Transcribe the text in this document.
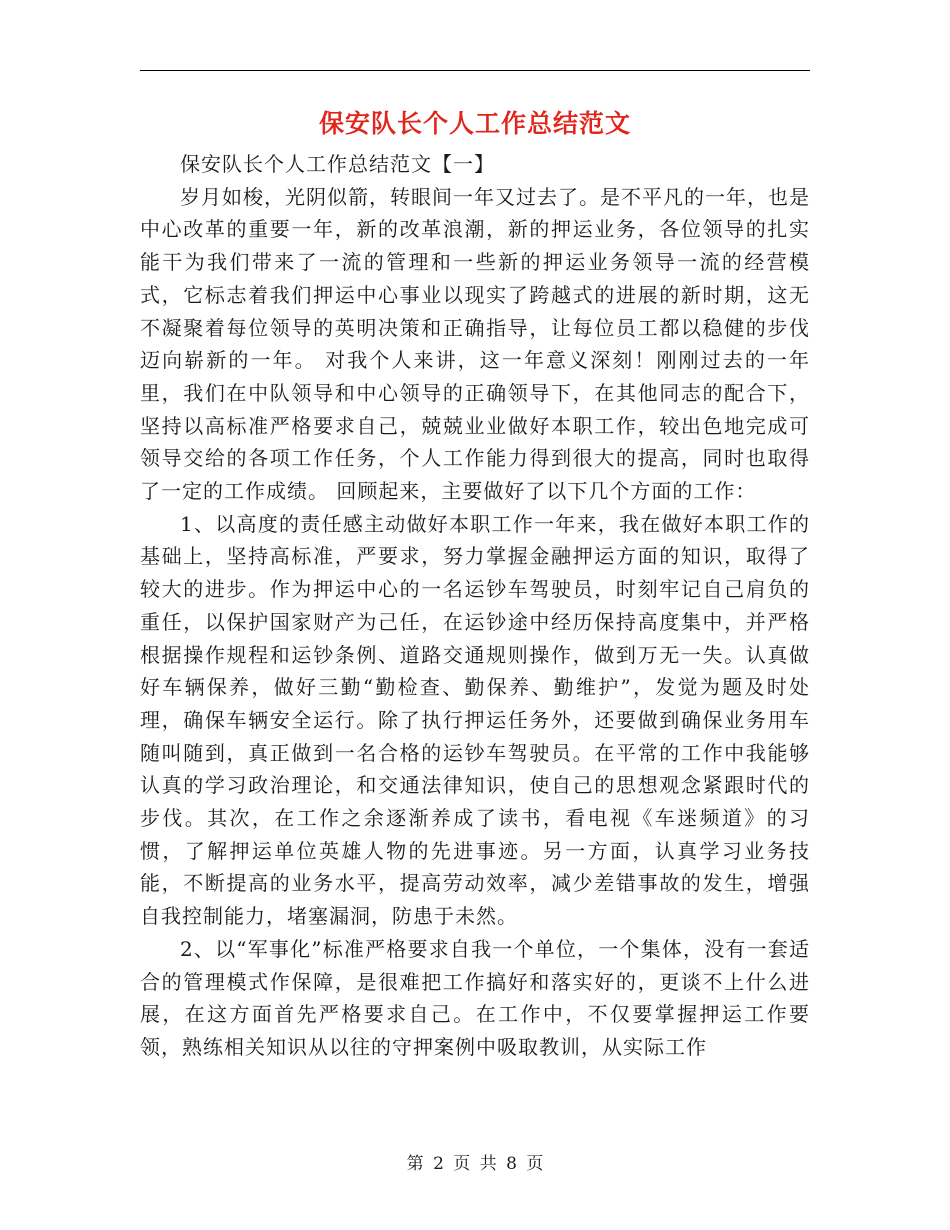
保安队长个人工作总结范文

保安队长个人工作总结范文【一】

岁月如梭，光阴似箭，转眼间一年又过去了。是不平凡的一年，也是中心改革的重要一年，新的改革浪潮，新的押运业务，各位领导的扎实能干为我们带来了一流的管理和一些新的押运业务领导一流的经营模式，它标志着我们押运中心事业以现实了跨越式的进展的新时期，这无不凝聚着每位领导的英明决策和正确指导，让每位员工都以稳健的步伐迈向崭新的一年。 对我个人来讲，这一年意义深刻！刚刚过去的一年里，我们在中队领导和中心领导的正确领导下，在其他同志的配合下，坚持以高标准严格要求自己，兢兢业业做好本职工作，较出色地完成可领导交给的各项工作任务，个人工作能力得到很大的提高，同时也取得了一定的工作成绩。 回顾起来，主要做好了以下几个方面的工作：

1、以高度的责任感主动做好本职工作一年来，我在做好本职工作的基础上，坚持高标准，严要求，努力掌握金融押运方面的知识，取得了较大的进步。作为押运中心的一名运钞车驾驶员，时刻牢记自己肩负的重任，以保护国家财产为己任，在运钞途中经历保持高度集中，并严格根据操作规程和运钞条例、道路交通规则操作，做到万无一失。认真做好车辆保养，做好三勤“勤检查、勤保养、勤维护”，发觉为题及时处理，确保车辆安全运行。除了执行押运任务外，还要做到确保业务用车随叫随到，真正做到一名合格的运钞车驾驶员。在平常的工作中我能够认真的学习政治理论，和交通法律知识，使自己的思想观念紧跟时代的步伐。其次，在工作之余逐渐养成了读书，看电视《车迷频道》的习惯，了解押运单位英雄人物的先进事迹。另一方面，认真学习业务技能，不断提高的业务水平，提高劳动效率，减少差错事故的发生，增强自我控制能力，堵塞漏洞，防患于未然。

2、以“军事化”标准严格要求自我一个单位，一个集体，没有一套适合的管理模式作保障，是很难把工作搞好和落实好的，更谈不上什么进展，在这方面首先严格要求自己。在工作中，不仅要掌握押运工作要领，熟练相关知识从以往的守押案例中吸取教训，从实际工作

第 2 页 共 8 页
